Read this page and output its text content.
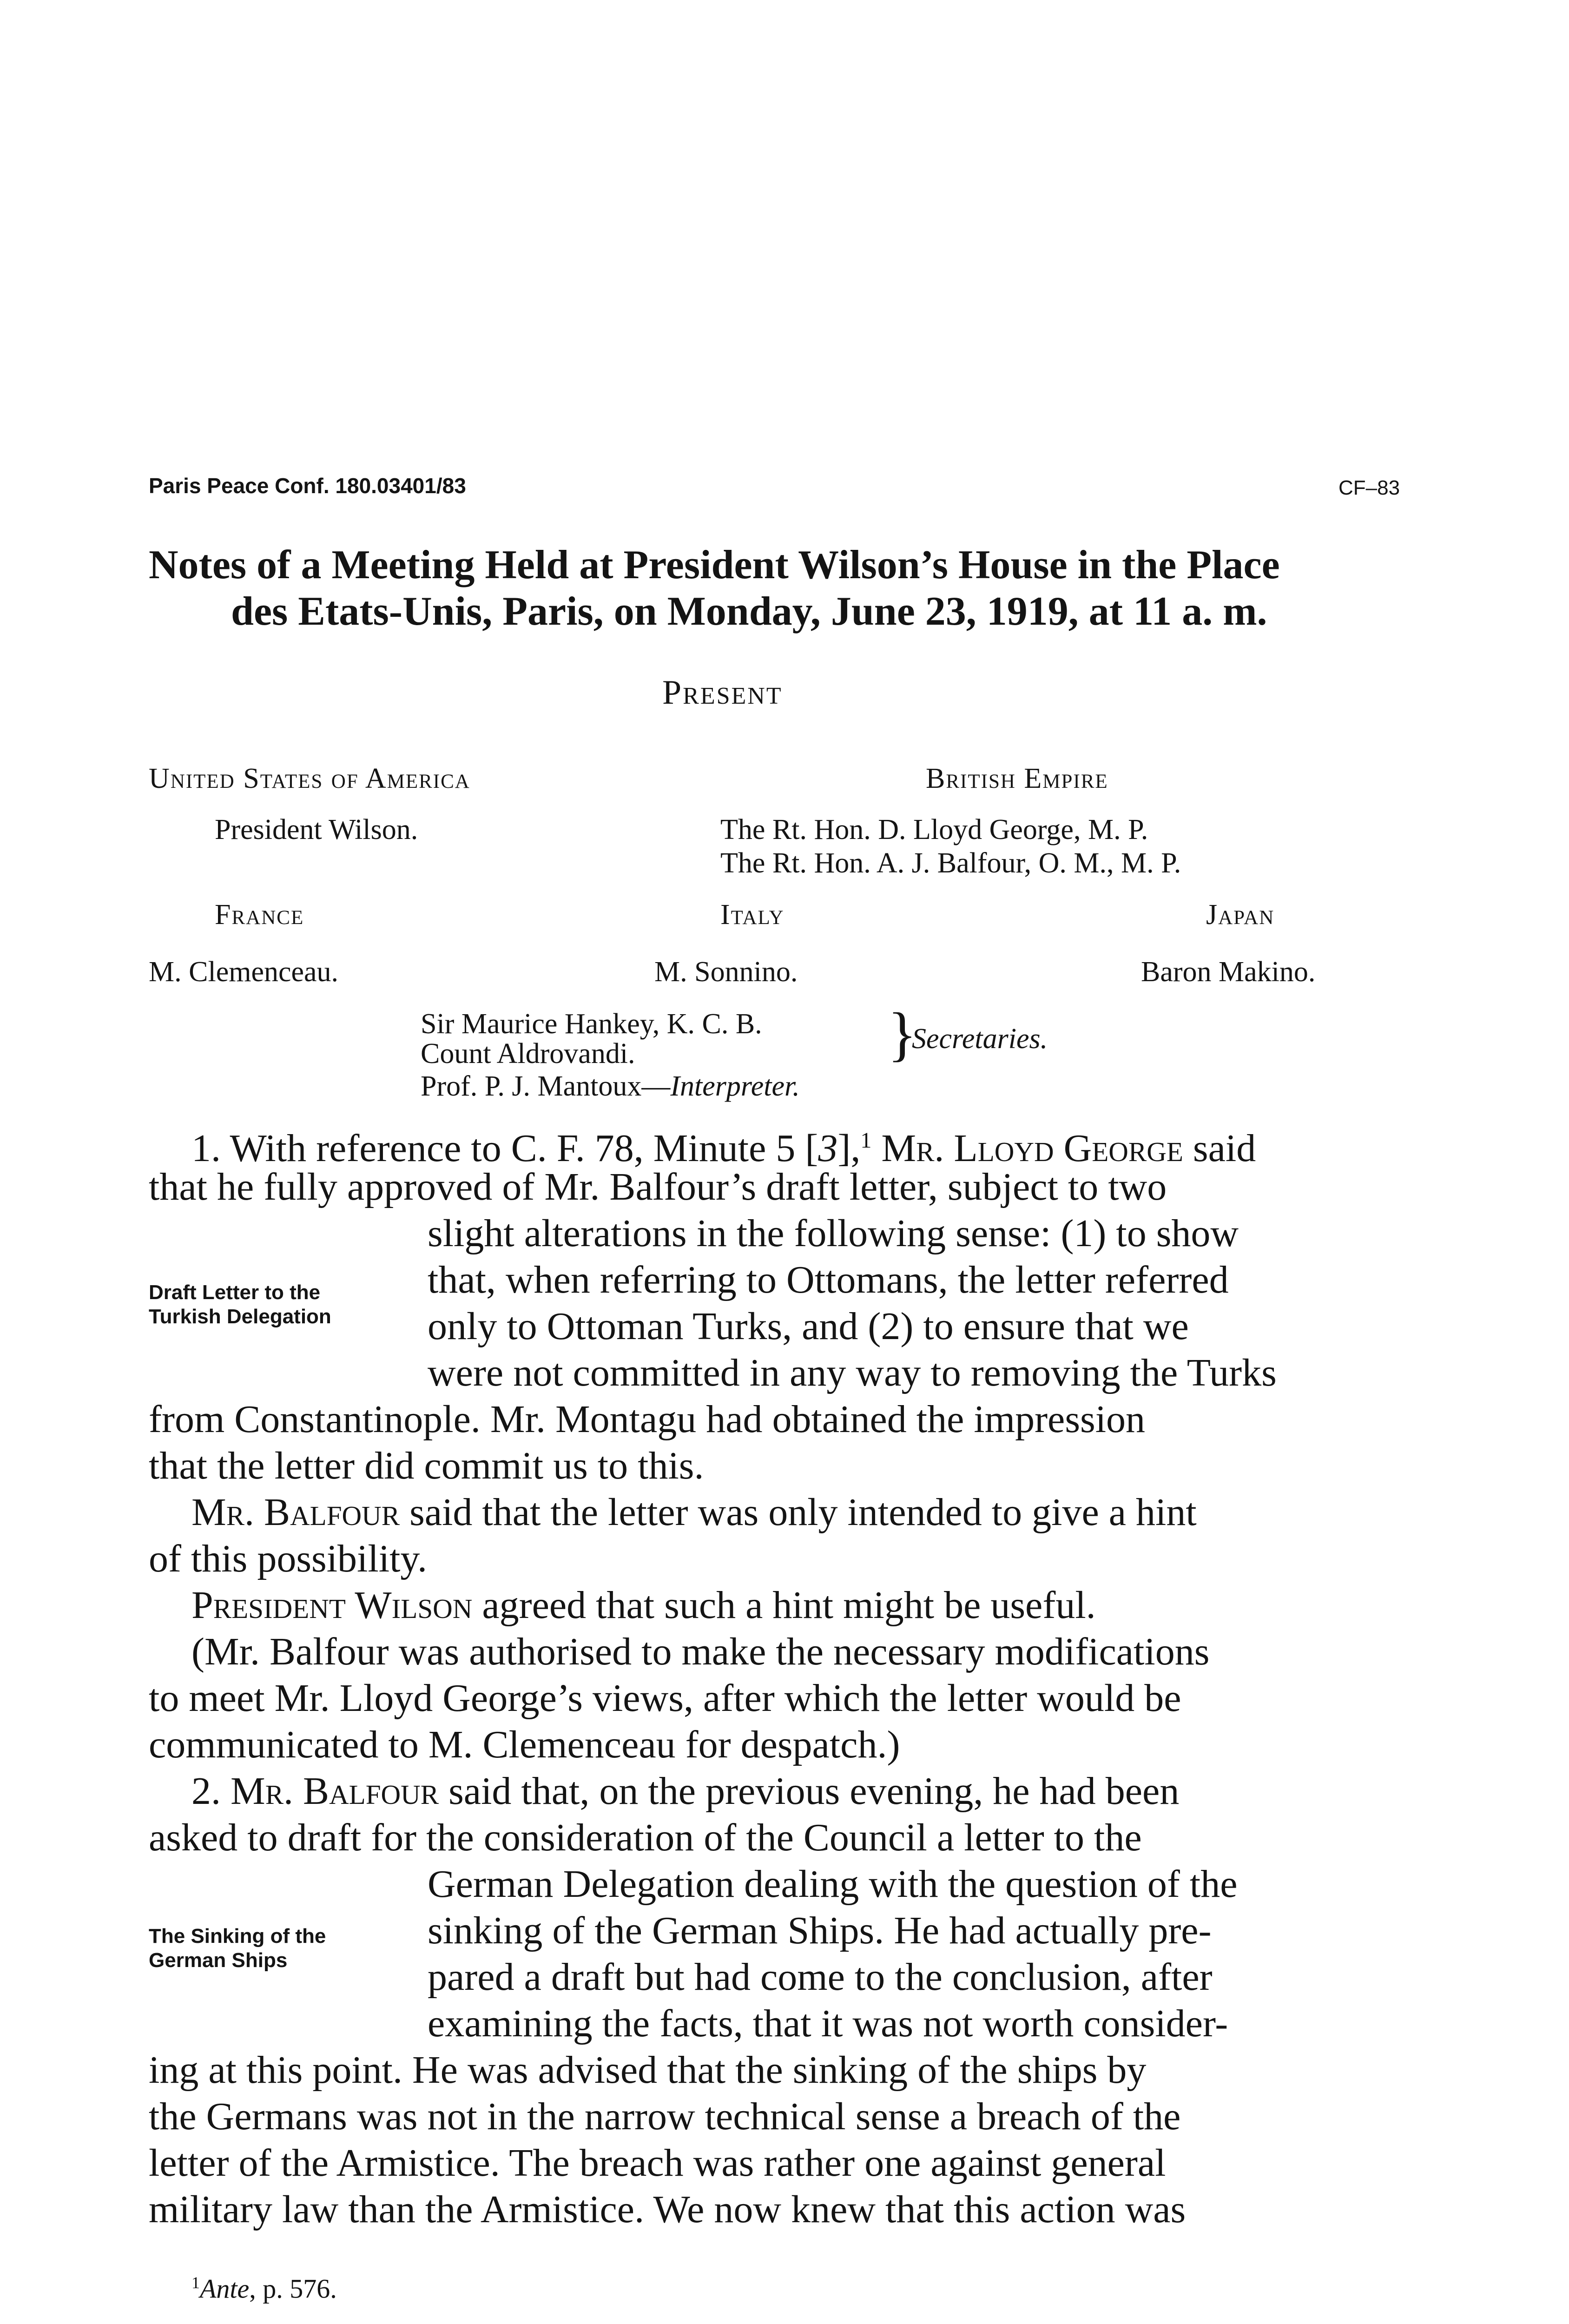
Paris Peace Conf. 180.03401/83	CF–83
Notes of a Meeting Held at President Wilson’s House in the Place
des Etats-Unis, Paris, on Monday, June 23, 1919, at 11 a. m.
Present
United States of America
President Wilson.
British Empire
The Rt. Hon. D. Lloyd George, M. P.
The Rt. Hon. A. J. Balfour, O. M., M. P.
France
M. Clemenceau.
Italy
M. Sonnino.
Japan
Baron Makino.
Sir Maurice Hankey, K. C. B.
Count Aldrovandi.	}
Secretaries.
Prof. P. J. Mantoux—Interpreter.
Draft Letter to the
Turkish Delegation
The Sinking of the
German Ships
1. With reference to C. F. 78, Minute 5 [3],$^1$ Mr. Lloyd George said
that he fully approved of Mr. Balfour’s draft letter, subject to two
slight alterations in the following sense: (1) to show
that, when referring to Ottomans, the letter referred
only to Ottoman Turks, and (2) to ensure that we
were not committed in any way to removing the Turks
from Constantinople. Mr. Montagu had obtained the impression
that the letter did commit us to this.
Mr. Balfour said that the letter was only intended to give a hint
of this possibility.
President Wilson agreed that such a hint might be useful.
(Mr. Balfour was authorised to make the necessary modifications
to meet Mr. Lloyd George’s views, after which the letter would be
communicated to M. Clemenceau for despatch.)
2. Mr. Balfour said that, on the previous evening, he had been
asked to draft for the consideration of the Council a letter to the
German Delegation dealing with the question of the
sinking of the German Ships. He had actually pre-
pared a draft but had come to the conclusion, after
examining the facts, that it was not worth consider-
ing at this point. He was advised that the sinking of the ships by
the Germans was not in the narrow technical sense a breach of the
letter of the Armistice. The breach was rather one against general
military law than the Armistice. We now knew that this action was
$^1$Ante, p. 576.
